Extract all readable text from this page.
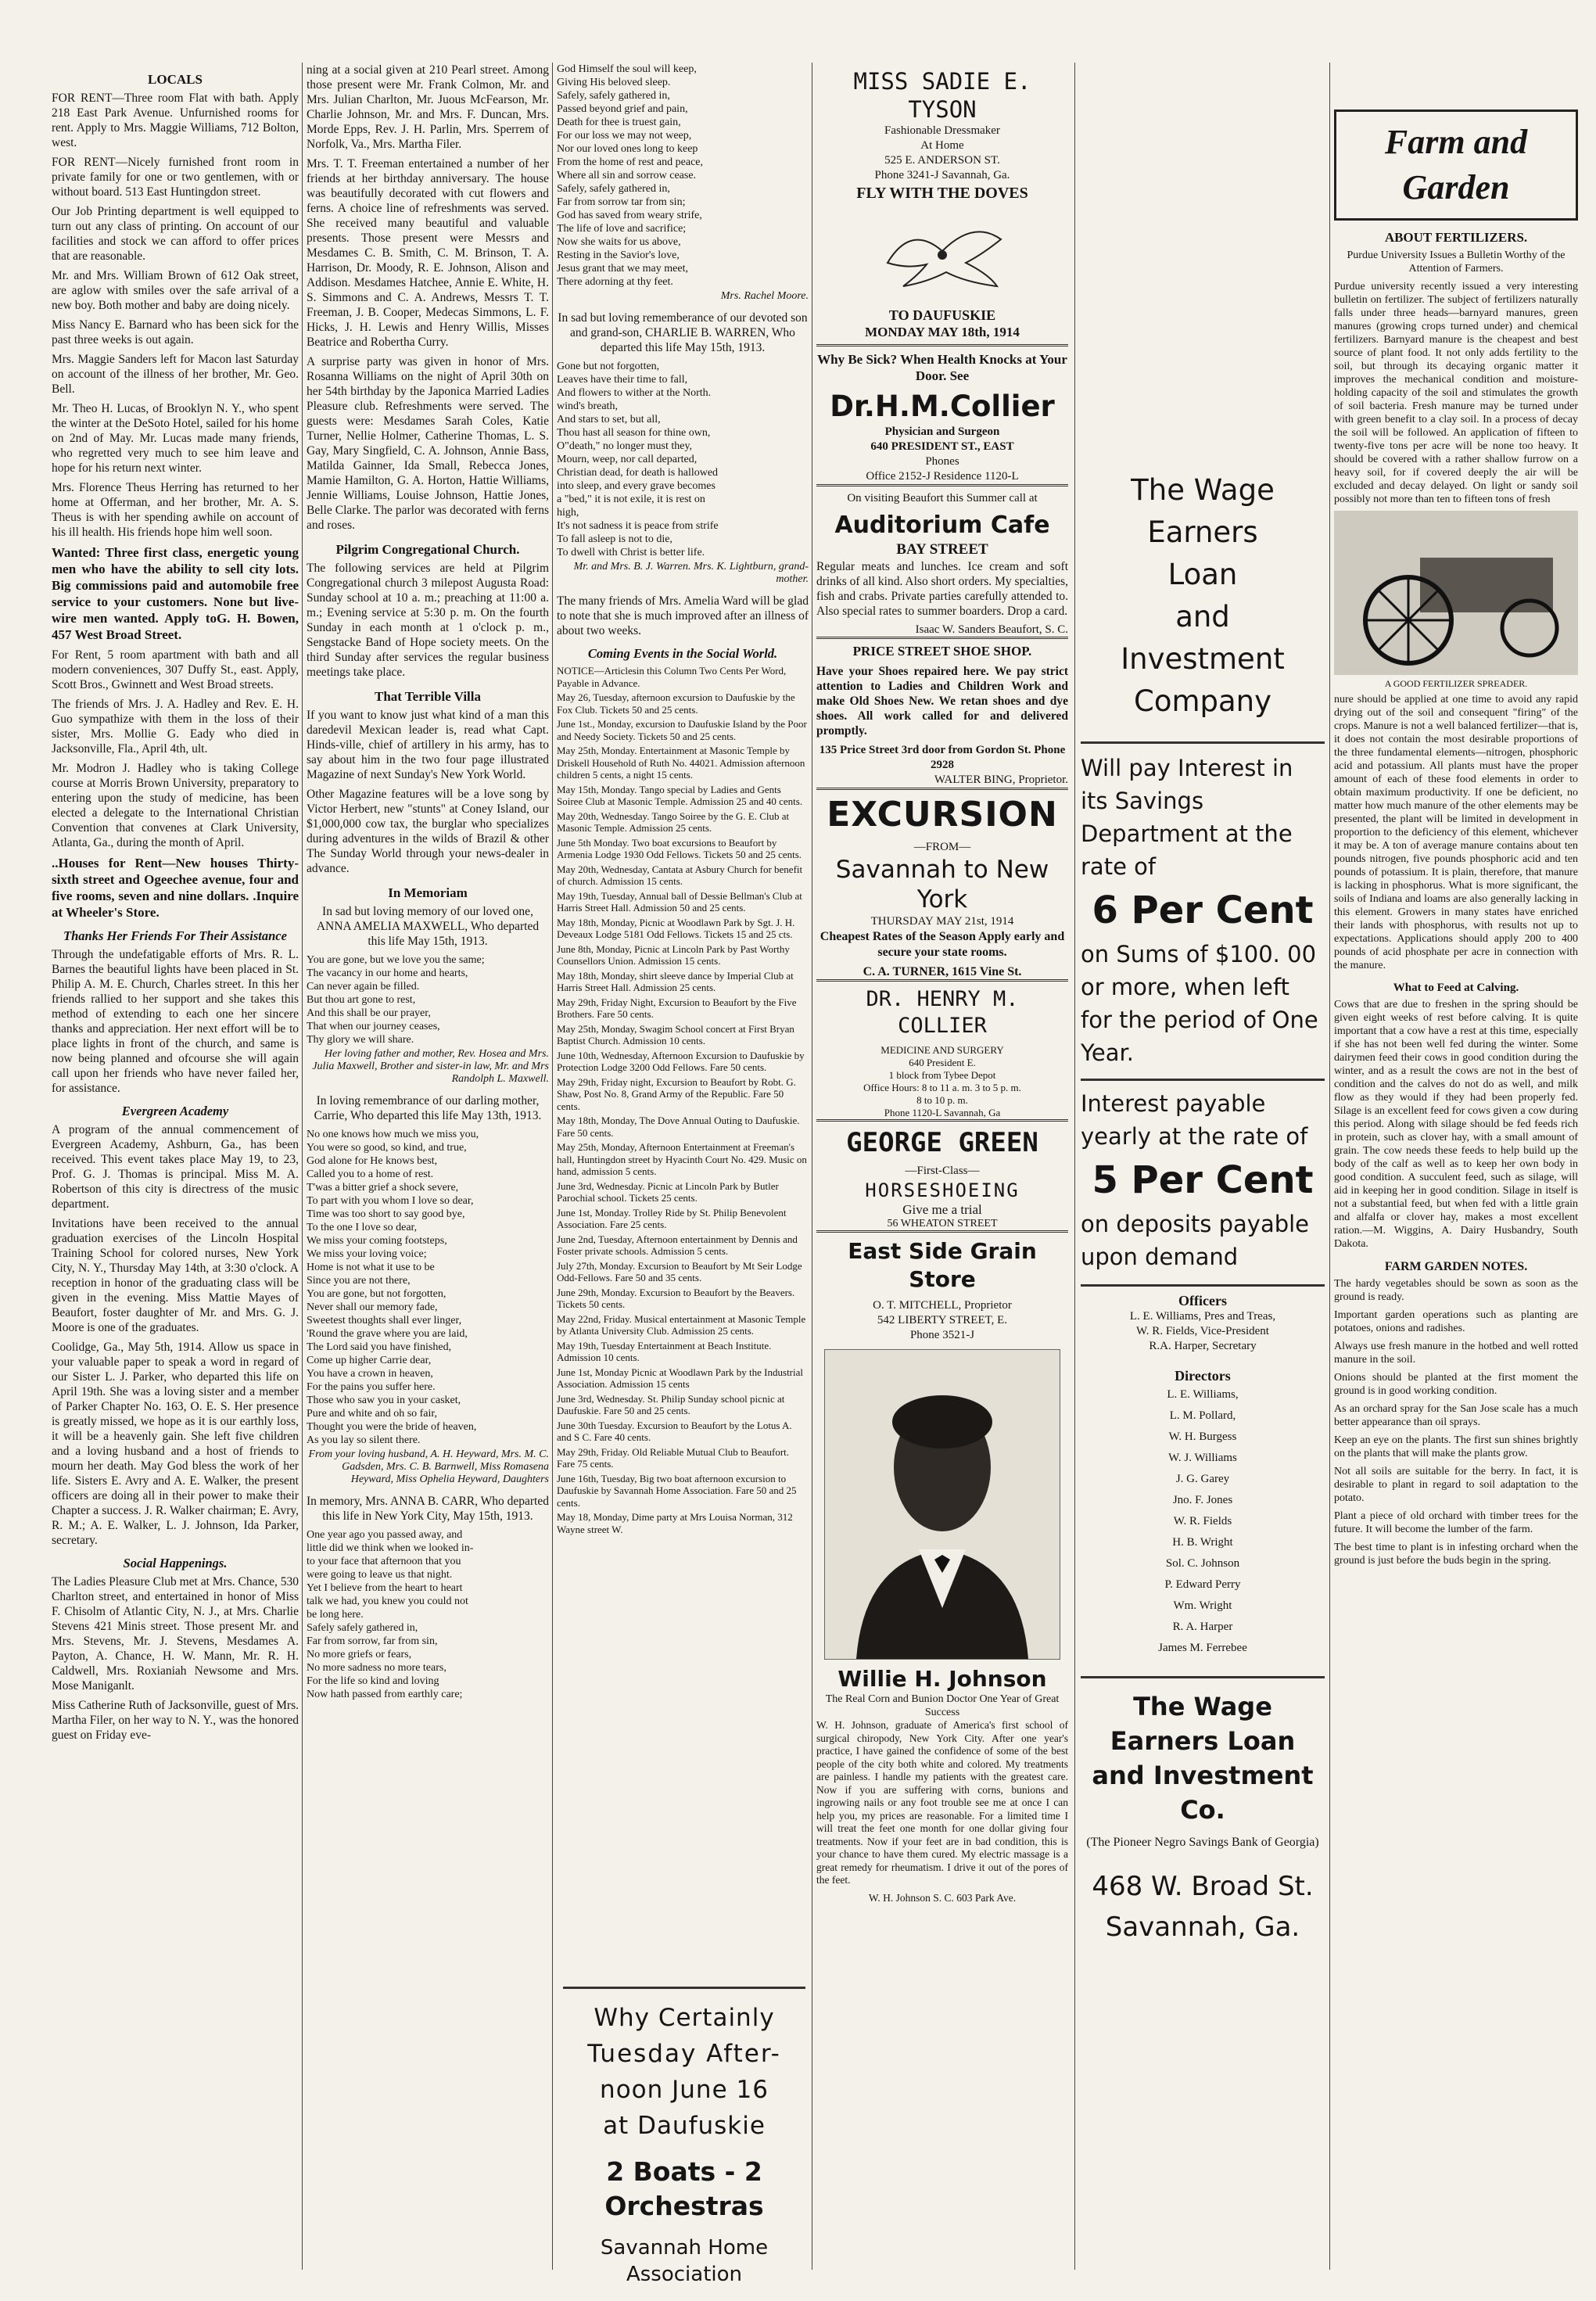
LOCALS

FOR RENT—Three room Flat with bath. Apply 218 East Park Avenue. Unfurnished rooms for rent. Apply to Mrs. Maggie Williams, 712 Bolton, west.

FOR RENT—Nicely furnished front room in private family for one or two gentlemen, with or without board. 513 East Huntingdon street.

Our Job Printing department is well equipped to turn out any class of printing. On account of our facilities and stock we can afford to offer prices that are reasonable.

Mr. and Mrs. William Brown of 612 Oak street, are aglow with smiles over the safe arrival of a new boy. Both mother and baby are doing nicely.

Miss Nancy E. Barnard who has been sick for the past three weeks is out again.

Mrs. Maggie Sanders left for Macon last Saturday on account of the illness of her brother, Mr. Geo. Bell.

Mr. Theo H. Lucas, of Brooklyn N. Y., who spent the winter at the DeSoto Hotel, sailed for his home on 2nd of May. Mr. Lucas made many friends, who regretted very much to see him leave and hope for his return next winter.

Mrs. Florence Theus Herring has returned to her home at Offerman, and her brother, Mr. A. S. Theus is with her spending awhile on account of his ill health. His friends hope him well soon.

Wanted: Three first class, energetic young men who have the ability to sell city lots. Big commissions paid and automobile free service to your customers. None but live-wire men wanted. Apply toG. H. Bowen, 457 West Broad Street.

For Rent, 5 room apartment with bath and all modern conveniences, 307 Duffy St., east. Apply, Scott Bros., Gwinnett and West Broad streets.

The friends of Mrs. J. A. Hadley and Rev. E. H. Guo sympathize with them in the loss of their sister, Mrs. Mollie G. Eady who died in Jacksonville, Fla., April 4th, ult.

Mr. Modron J. Hadley who is taking College course at Morris Brown University, preparatory to entering upon the study of medicine, has been elected a delegate to the International Christian Convention that convenes at Clark University, Atlanta, Ga., during the month of April.

..Houses for Rent—New houses Thirty-sixth street and Ogeechee avenue, four and five rooms, seven and nine dollars. .Inquire at Wheeler's Store.

Thanks Her Friends For Their Assistance

Through the undefatigable efforts of Mrs. R. L. Barnes the beautiful lights have been placed in St. Philip A. M. E. Church, Charles street. In this her friends rallied to her support and she takes this method of extending to each one her sincere thanks and appreciation. Her next effort will be to place lights in front of the church, and same is now being planned and ofcourse she will again call upon her friends who have never failed her, for assistance.

Evergreen Academy

A program of the annual commencement of Evergreen Academy, Ashburn, Ga., has been received. This event takes place May 19, to 23, Prof. G. J. Thomas is principal. Miss M. A. Robertson of this city is directress of the music department.

Invitations have been received to the annual graduation exercises of the Lincoln Hospital Training School for colored nurses, New York City, N. Y., Thursday May 14th, at 3:30 o'clock. A reception in honor of the graduating class will be given in the evening. Miss Mattie Mayes of Beaufort, foster daughter of Mr. and Mrs. G. J. Moore is one of the graduates.

Coolidge, Ga., May 5th, 1914. Allow us space in your valuable paper to speak a word in regard of our Sister L. J. Parker, who departed this life on April 19th. She was a loving sister and a member of Parker Chapter No. 163, O. E. S. Her presence is greatly missed, we hope as it is our earthly loss, it will be a heavenly gain. She left five children and a loving husband and a host of friends to mourn her death. May God bless the work of her life. Sisters E. Avry and A. E. Walker, the present officers are doing all in their power to make their Chapter a success. J. R. Walker chairman; E. Avry, R. M.; A. E. Walker, L. J. Johnson, Ida Parker, secretary.

Social Happenings.

The Ladies Pleasure Club met at Mrs. Chance, 530 Charlton street, and entertained in honor of Miss F. Chisolm of Atlantic City, N. J., at Mrs. Charlie Stevens 421 Minis street. Those present Mr. and Mrs. Stevens, Mr. J. Stevens, Mesdames A. Payton, A. Chance, H. W. Mann, Mr. R. H. Caldwell, Mrs. Roxianiah Newsome and Mrs. Mose Maniganlt.

Miss Catherine Ruth of Jacksonville, guest of Mrs. Martha Filer, on her way to N. Y., was the honored guest on Friday eve-

ning at a social given at 210 Pearl street. Among those present were Mr. Frank Colmon, Mr. and Mrs. Julian Charlton, Mr. Juous McFearson, Mr. Charlie Johnson, Mr. and Mrs. F. Duncan, Mrs. Morde Epps, Rev. J. H. Parlin, Mrs. Sperrem of Norfolk, Va., Mrs. Martha Filer.

Mrs. T. T. Freeman entertained a number of her friends at her birthday anniversary. The house was beautifully decorated with cut flowers and ferns. A choice line of refreshments was served. She received many beautiful and valuable presents. Those present were Messrs and Mesdames C. B. Smith, C. M. Brinson, T. A. Harrison, Dr. Moody, R. E. Johnson, Alison and Addison. Mesdames Hatchee, Annie E. White, H. S. Simmons and C. A. Andrews, Messrs T. T. Freeman, J. B. Cooper, Medecas Simmons, L. F. Hicks, J. H. Lewis and Henry Willis, Misses Beatrice and Robertha Curry.

A surprise party was given in honor of Mrs. Rosanna Williams on the night of April 30th on her 54th birthday by the Japonica Married Ladies Pleasure club. Refreshments were served. The guests were: Mesdames Sarah Coles, Katie Turner, Nellie Holmer, Catherine Thomas, L. S. Gay, Mary Singfield, C. A. Johnson, Annie Bass, Matilda Gainner, Ida Small, Rebecca Jones, Mamie Hamilton, G. A. Horton, Hattie Williams, Jennie Williams, Louise Johnson, Hattie Jones, Belle Clarke. The parlor was decorated with ferns and roses.

Pilgrim Congregational Church.

The following services are held at Pilgrim Congregational church 3 milepost Augusta Road: Sunday school at 10 a. m.; preaching at 11:00 a. m.; Evening service at 5:30 p. m. On the fourth Sunday in each month at 1 o'clock p. m., Sengstacke Band of Hope society meets. On the third Sunday after services the regular business meetings take place.

That Terrible Villa

If you want to know just what kind of a man this daredevil Mexican leader is, read what Capt. Hinds-ville, chief of artillery in his army, has to say about him in the two four page illustrated Magazine of next Sunday's New York World.

Other Magazine features will be a love song by Victor Herbert, new "stunts" at Coney Island, our $1,000,000 cow tax, the burglar who specializes during adventures in the wilds of Brazil & other The Sunday World through your news-dealer in advance.

In Memoriam

In sad but loving memory of our loved one, ANNA AMELIA MAXWELL, Who departed this life May 15th, 1913.

You are gone, but we love you the same;
The vacancy in our home and hearts,
Can never again be filled.
But thou art gone to rest,
And this shall be our prayer,
That when our journey ceases,
Thy glory we will share.
Her loving father and mother, Rev. Hosea and Mrs. Julia Maxwell, Brother and sister-in law, Mr. and Mrs Randolph L. Maxwell.

In loving remembrance of our darling mother, Carrie, Who departed this life May 13th, 1913.

No one knows how much we miss you,
You were so good, so kind, and true,
God alone for He knows best,
Called you to a home of rest.
T'was a bitter grief a shock severe,
To part with you whom I love so dear,
Time was too short to say good bye,
To the one I love so dear,
We miss your coming footsteps,
We miss your loving voice;
Home is not what it use to be
Since you are not there,
You are gone, but not forgotten,
Never shall our memory fade,
Sweetest thoughts shall ever linger,
'Round the grave where you are laid,
The Lord said you have finished,
Come up higher Carrie dear,
You have a crown in heaven,
For the pains you suffer here.
Those who saw you in your casket,
Pure and white and oh so fair,
Thought you were the bride of heaven,
As you lay so silent there.
From your loving husband, A. H. Heyward, Mrs. M. C. Gadsden, Mrs. C. B. Barnwell, Miss Romasena Heyward, Miss Ophelia Heyward, Daughters

In memory, Mrs. ANNA B. CARR, Who departed this life in New York City, May 15th, 1913.

One year ago you passed away, and
little did we think when we looked in-
to your face that afternoon that you
were going to leave us that night.
Yet I believe from the heart to heart
talk we had, you knew you could not
be long here.
Safely safely gathered in,
Far from sorrow, far from sin,
No more griefs or fears,
No more sadness no more tears,
For the life so kind and loving
Now hath passed from earthly care;
God Himself the soul will keep,
Giving His beloved sleep.
Safely, safely gathered in,
Passed beyond grief and pain,
Death for thee is truest gain,
For our loss we may not weep,
Nor our loved ones long to keep
From the home of rest and peace,
Where all sin and sorrow cease.
Safely, safely gathered in,
Far from sorrow tar from sin;
God has saved from weary strife,
The life of love and sacrifice;
Now she waits for us above,
Resting in the Savior's love,
Jesus grant that we may meet,
There adorning at thy feet.
Mrs. Rachel Moore.

In sad but loving rememberance of our devoted son and grand-son, CHARLIE B. WARREN, Who departed this life May 15th, 1913.

Gone but not forgotten,
Leaves have their time to fall,
And flowers to wither at the North.
wind's breath,
And stars to set, but all,
Thou hast all season for thine own,
O"death," no longer must they,
Mourn, weep, nor call departed,
Christian dead, for death is hallowed
into sleep, and every grave becomes
a "bed," it is not exile, it is rest on
high,
It's not sadness it is peace from strife
To fall asleep is not to die,
To dwell with Christ is better life.
Mr. and Mrs. B. J. Warren. Mrs. K. Lightburn, grand-mother.

The many friends of Mrs. Amelia Ward will be glad to note that she is much improved after an illness of about two weeks.

Coming Events in the Social World.
NOTICE—Articlesin this Column Two Cents Per Word, Payable in Advance.
May 26, Tuesday, afternoon excursion to Daufuskie by the Fox Club. Tickets 50 and 25 cents.
June 1st., Monday, excursion to Daufuskie Island by the Poor and Needy Society. Tickets 50 and 25 cents.
May 25th, Monday. Entertainment at Masonic Temple by Driskell Household of Ruth No. 44021. Admission afternoon children 5 cents, a night 15 cents.
May 15th, Monday. Tango special by Ladies and Gents Soiree Club at Masonic Temple. Admission 25 and 40 cents.
May 20th, Wednesday. Tango Soiree by the G. E. Club at Masonic Temple. Admission 25 cents.
June 5th Monday. Two boat excursions to Beaufort by Armenia Lodge 1930 Odd Fellows. Tickets 50 and 25 cents.
May 20th, Wednesday, Cantata at Asbury Church for benefit of church. Admission 15 cents.
May 19th, Tuesday, Annual ball of Dessie Bellman's Club at Harris Street Hall. Admission 50 and 25 cents.
May 18th, Monday, Picnic at Woodlawn Park by Sgt. J. H. Deveaux Lodge 5181 Odd Fellows. Tickets 15 and 25 cts.
June 8th, Monday, Picnic at Lincoln Park by Past Worthy Counsellors Union. Admission 15 cents.
May 18th, Monday, shirt sleeve dance by Imperial Club at Harris Street Hall. Admission 25 cents.
May 29th, Friday Night, Excursion to Beaufort by the Five Brothers. Fare 50 cents.
May 25th, Monday, Swagim School concert at First Bryan Baptist Church. Admission 10 cents.
June 10th, Wednesday, Afternoon Excursion to Daufuskie by Protection Lodge 3200 Odd Fellows. Fare 50 cents.
May 29th, Friday night, Excursion to Beaufort by Robt. G. Shaw, Post No. 8, Grand Army of the Republic. Fare 50 cents.
May 18th, Monday, The Dove Annual Outing to Daufuskie. Fare 50 cents.
May 25th, Monday, Afternoon Entertainment at Freeman's hall, Huntingdon street by Hyacinth Court No. 429. Music on hand, admission 5 cents.
June 3rd, Wednesday. Picnic at Lincoln Park by Butler Parochial school. Tickets 25 cents.
June 1st, Monday. Trolley Ride by St. Philip Benevolent Association. Fare 25 cents.
June 2nd, Tuesday, Afternoon entertainment by Dennis and Foster private schools. Admission 5 cents.
July 27th, Monday. Excursion to Beaufort by Mt Seir Lodge Odd-Fellows. Fare 50 and 35 cents.
June 29th, Monday. Excursion to Beaufort by the Beavers. Tickets 50 cents.
May 22nd, Friday. Musical entertainment at Masonic Temple by Atlanta University Club. Admission 25 cents.
May 19th, Tuesday Entertainment at Beach Institute. Admission 10 cents.
June 1st, Monday Picnic at Woodlawn Park by the Industrial Association. Admission 15 cents
June 3rd, Wednesday. St. Philip Sunday school picnic at Daufuskie. Fare 50 and 25 cents.
June 30th Tuesday. Excursion to Beaufort by the Lotus A. and S C. Fare 40 cents.
May 29th, Friday. Old Reliable Mutual Club to Beaufort. Fare 75 cents.
June 16th, Tuesday, Big two boat afternoon excursion to Daufuskie by Savannah Home Association. Fare 50 and 25 cents.
May 18, Monday, Dime party at Mrs Louisa Norman, 312 Wayne street W.
Why Certainly
Tuesday After-
noon June 16
at Daufuskie
2 Boats - 2 Orchestras
Savannah Home Association
MISS SADIE E. TYSON
Fashionable Dressmaker
At Home
525 E. ANDERSON ST.
Phone 3241-J Savannah, Ga.
FLY WITH THE DOVES
TO DAUFUSKIE
MONDAY MAY 18th, 1914
Why Be Sick? When Health Knocks at Your Door. See
Dr.H.M.Collier
Physician and Surgeon
640 PRESIDENT ST., EAST
Phones
Office 2152-J Residence 1120-L
On visiting Beaufort this Summer call at
Auditorium Cafe
BAY STREET

Regular meats and lunches. Ice cream and soft drinks of all kind. Also short orders. My specialties, fish and crabs. Private parties carefully attended to. Also special rates to summer boarders. Drop a card.

Isaac W. Sanders Beaufort, S. C.
PRICE STREET SHOE SHOP.

Have your Shoes repaired here. We pay strict attention to Ladies and Children Work and make Old Shoes New. We retan shoes and dye shoes. All work called for and delivered promptly.

135 Price Street 3rd door from Gordon St. Phone 2928
WALTER BING, Proprietor.
EXCURSION
—FROM—
Savannah to New York
THURSDAY MAY 21st, 1914

Cheapest Rates of the Season Apply early and secure your state rooms.

C. A. TURNER, 1615 Vine St.
DR. HENRY M. COLLIER
MEDICINE AND SURGERY
640 President E.
1 block from Tybee Depot
Office Hours: 8 to 11 a. m. 3 to 5 p. m.
8 to 10 p. m.
Phone 1120-L Savannah, Ga
GEORGE GREEN
—First-Class—
HORSESHOEING
Give me a trial
56 WHEATON STREET
East Side Grain Store
O. T. MITCHELL, Proprietor
542 LIBERTY STREET, E.
Phone 3521-J
Willie H. Johnson
The Real Corn and Bunion Doctor One Year of Great Success

W. H. Johnson, graduate of America's first school of surgical chiropody, New York City. After one year's practice, I have gained the confidence of some of the best people of the city both white and colored. My treatments are painless. I handle my patients with the greatest care. Now if you are suffering with corns, bunions and ingrowing nails or any foot trouble see me at once I can help you, my prices are reasonable. For a limited time I will treat the feet one month for one dollar giving four treatments. Now if your feet are in bad condition, this is your chance to have them cured. My electric massage is a great remedy for rheumatism. I drive it out of the pores of the feet.

W. H. Johnson S. C. 603 Park Ave.
The Wage
Earners
Loan
and
Investment
Company
Will pay Interest in its Savings Department at the rate of
6 Per Cent
on Sums of $100. 00 or more, when left for the period of One Year.
Interest payable yearly at the rate of
5 Per Cent
on deposits payable upon demand
Officers
L. E. Williams, Pres and Treas,
W. R. Fields, Vice-President
R.A. Harper, Secretary
Directors
L. E. Williams,
L. M. Pollard,
W. H. Burgess
W. J. Williams
J. G. Garey
Jno. F. Jones
W. R. Fields
H. B. Wright
Sol. C. Johnson
P. Edward Perry
Wm. Wright
R. A. Harper
James M. Ferrebee
The Wage Earners Loan and Investment Co.
(The Pioneer Negro Savings Bank of Georgia)
468 W. Broad St.
Savannah, Ga.
Farm and Garden
ABOUT FERTILIZERS.

Purdue University Issues a Bulletin Worthy of the Attention of Farmers.

Purdue university recently issued a very interesting bulletin on fertilizer. The subject of fertilizers naturally falls under three heads—barnyard manures, green manures (growing crops turned under) and chemical fertilizers. Barnyard manure is the cheapest and best source of plant food. It not only adds fertility to the soil, but through its decaying organic matter it improves the mechanical condition and moisture-holding capacity of the soil and stimulates the growth of soil bacteria. Fresh manure may be turned under with green benefit to a clay soil. In a process of decay the soil will be followed. An application of fifteen to twenty-five tons per acre will be none too heavy. It should be covered with a rather shallow furrow on a heavy soil, for if covered deeply the air will be excluded and decay delayed. On light or sandy soil possibly not more than ten to fifteen tons of fresh

A GOOD FERTILIZER SPREADER.

nure should be applied at one time to avoid any rapid drying out of the soil and consequent "firing" of the crops. Manure is not a well balanced fertilizer—that is, it does not contain the most desirable proportions of the three fundamental elements—nitrogen, phosphoric acid and potassium. All plants must have the proper amount of each of these food elements in order to obtain maximum productivity. If one be deficient, no matter how much manure of the other elements may be presented, the plant will be limited in development in proportion to the deficiency of this element, whichever it may be. A ton of average manure contains about ten pounds nitrogen, five pounds phosphoric acid and ten pounds of potassium. It is plain, therefore, that manure is lacking in phosphorus. What is more significant, the soils of Indiana and loams are also generally lacking in this element. Growers in many states have enriched their lands with phosphorus, with results not up to expectations. Applications should apply 200 to 400 pounds of acid phosphate per acre in connection with the manure.

What to Feed at Calving.

Cows that are due to freshen in the spring should be given eight weeks of rest before calving. It is quite important that a cow have a rest at this time, especially if she has not been well fed during the winter. Some dairymen feed their cows in good condition during the winter, and as a result the cows are not in the best of condition and the calves do not do as well, and milk flow as they would if they had been properly fed. Silage is an excellent feed for cows given a cow during this period. Along with silage should be fed feeds rich in protein, such as clover hay, with a small amount of grain. The cow needs these feeds to help build up the body of the calf as well as to keep her own body in good condition. A succulent feed, such as silage, will aid in keeping her in good condition. Silage in itself is not a substantial feed, but when fed with a little grain and alfalfa or clover hay, makes a most excellent ration.—M. Wiggins, A. Dairy Husbandry, South Dakota.

FARM GARDEN NOTES.

The hardy vegetables should be sown as soon as the ground is ready.

Important garden operations such as planting are potatoes, onions and radishes.

Always use fresh manure in the hotbed and well rotted manure in the soil.

Onions should be planted at the first moment the ground is in good working condition.

As an orchard spray for the San Jose scale has a much better appearance than oil sprays.

Keep an eye on the plants. The first sun shines brightly on the plants that will make the plants grow.

Not all soils are suitable for the berry. In fact, it is desirable to plant in regard to soil adaptation to the potato.

Plant a piece of old orchard with timber trees for the future. It will become the lumber of the farm.

The best time to plant is in infesting orchard when the ground is just before the buds begin in the spring.
